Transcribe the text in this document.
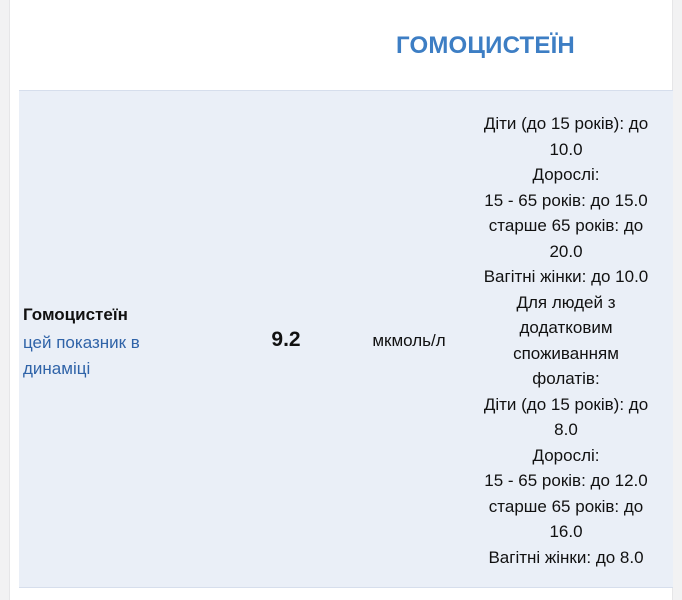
ГОМОЦИСТЕЇН
Гомоцистеїн
цей показник в динаміці
9.2	мкмоль/л
Діти (до 15 років): до
10.0
Дорослі:
15 - 65 років: до 15.0
старше 65 років: до
20.0
Вагітні жінки: до 10.0
Для людей з
додатковим
споживанням
фолатів:
Діти (до 15 років): до
8.0
Дорослі:
15 - 65 років: до 12.0
старше 65 років: до
16.0
Вагітні жінки: до 8.0
